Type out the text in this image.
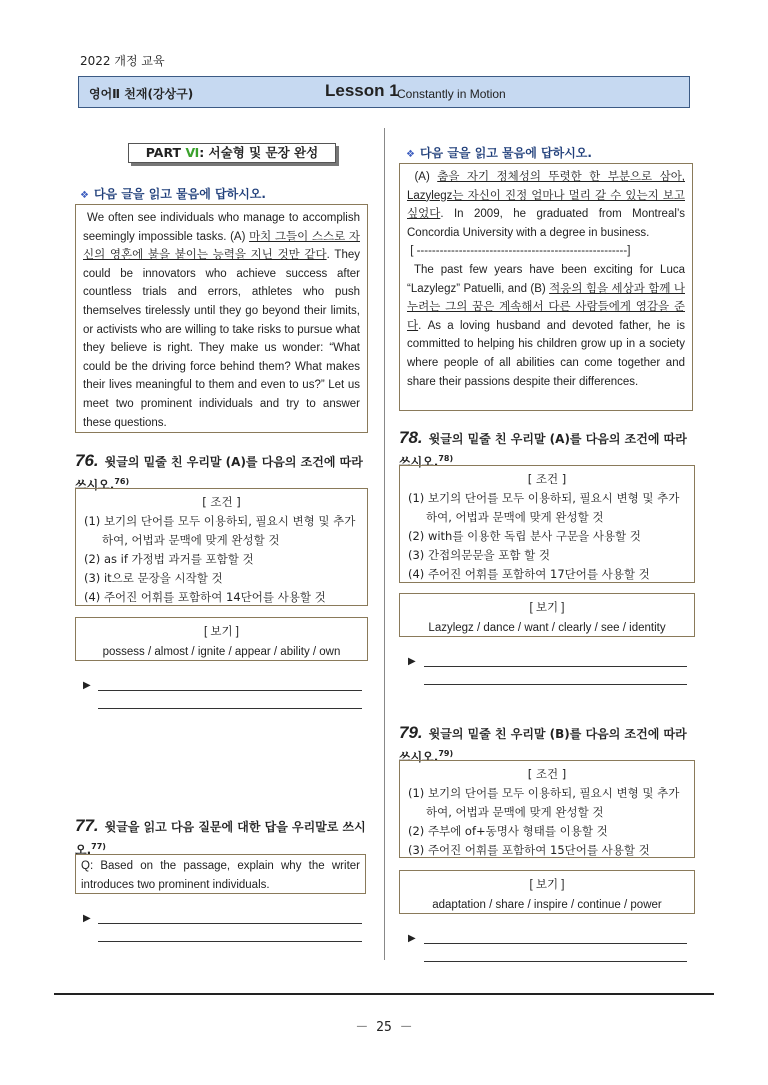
2022 개정 교육
영어Ⅱ 천재(강상구)	Lesson 1
Constantly in Motion
PART Ⅵ: 서술형 및 문장 완성
❖ 다음 글을 읽고 물음에 답하시오.
We often see individuals who manage to accomplish seemingly impossible tasks. (A) 마치 그들이 스스로 자신의 영혼에 불을 붙이는 능력을 지닌 것만 같다. They could be innovators who achieve success after countless trials and errors, athletes who push themselves tirelessly until they go beyond their limits, or activists who are willing to take risks to pursue what they believe is right. They make us wonder: “What could be the driving force behind them? What makes their lives meaningful to them and even to us?” Let us meet two prominent individuals and try to answer these questions.
76. 윗글의 밑줄 친 우리말 (A)를 다음의 조건에 따라 쓰시오.$^{76)}$
[ 조건 ]
(1) 보기의 단어를 모두 이용하되, 필요시 변형 및 추가하여, 어법과 문맥에 맞게 완성할 것
(2) as if 가정법 과거를 포함할 것
(3) it으로 문장을 시작할 것
(4) 주어진 어휘를 포함하여 14단어를 사용할 것
[ 보기 ]
possess / almost / ignite / appear / ability / own
▶
77. 윗글을 읽고 다음 질문에 대한 답을 우리말로 쓰시오.$^{77)}$
Q: Based on the passage, explain why the writer introduces two prominent individuals.
▶
❖ 다음 글을 읽고 물음에 답하시오.
(A) 춤을 자기 정체성의 뚜렷한 한 부분으로 삼아, Lazylegz는 자신이 진정 얼마나 멀리 갈 수 있는지 보고 싶었다. In 2009, he graduated from Montreal’s Concordia University with a degree in business.
[ -------------------------------------------------------]
The past few years have been exciting for Luca “Lazylegz” Patuelli, and (B) 적응의 힘을 세상과 함께 나누려는 그의 꿈은 계속해서 다른 사람들에게 영감을 준다. As a loving husband and devoted father, he is committed to helping his children grow up in a society where people of all abilities can come together and share their passions despite their differences.
78. 윗글의 밑줄 친 우리말 (A)를 다음의 조건에 따라 쓰시오.$^{78)}$
[ 조건 ]
(1) 보기의 단어를 모두 이용하되, 필요시 변형 및 추가하여, 어법과 문맥에 맞게 완성할 것
(2) with를 이용한 독립 분사 구문을 사용할 것
(3) 간접의문문을 포함 할 것
(4) 주어진 어휘를 포함하여 17단어를 사용할 것
[ 보기 ]
Lazylegz / dance / want / clearly / see / identity
▶
79. 윗글의 밑줄 친 우리말 (B)를 다음의 조건에 따라 쓰시오.$^{79)}$
[ 조건 ]
(1) 보기의 단어를 모두 이용하되, 필요시 변형 및 추가하여, 어법과 문맥에 맞게 완성할 것
(2) 주부에 of+동명사 형태를 이용할 것
(3) 주어진 어휘를 포함하여 15단어를 사용할 것
[ 보기 ]
adaptation / share / inspire / continue / power
▶
－ 25 －
